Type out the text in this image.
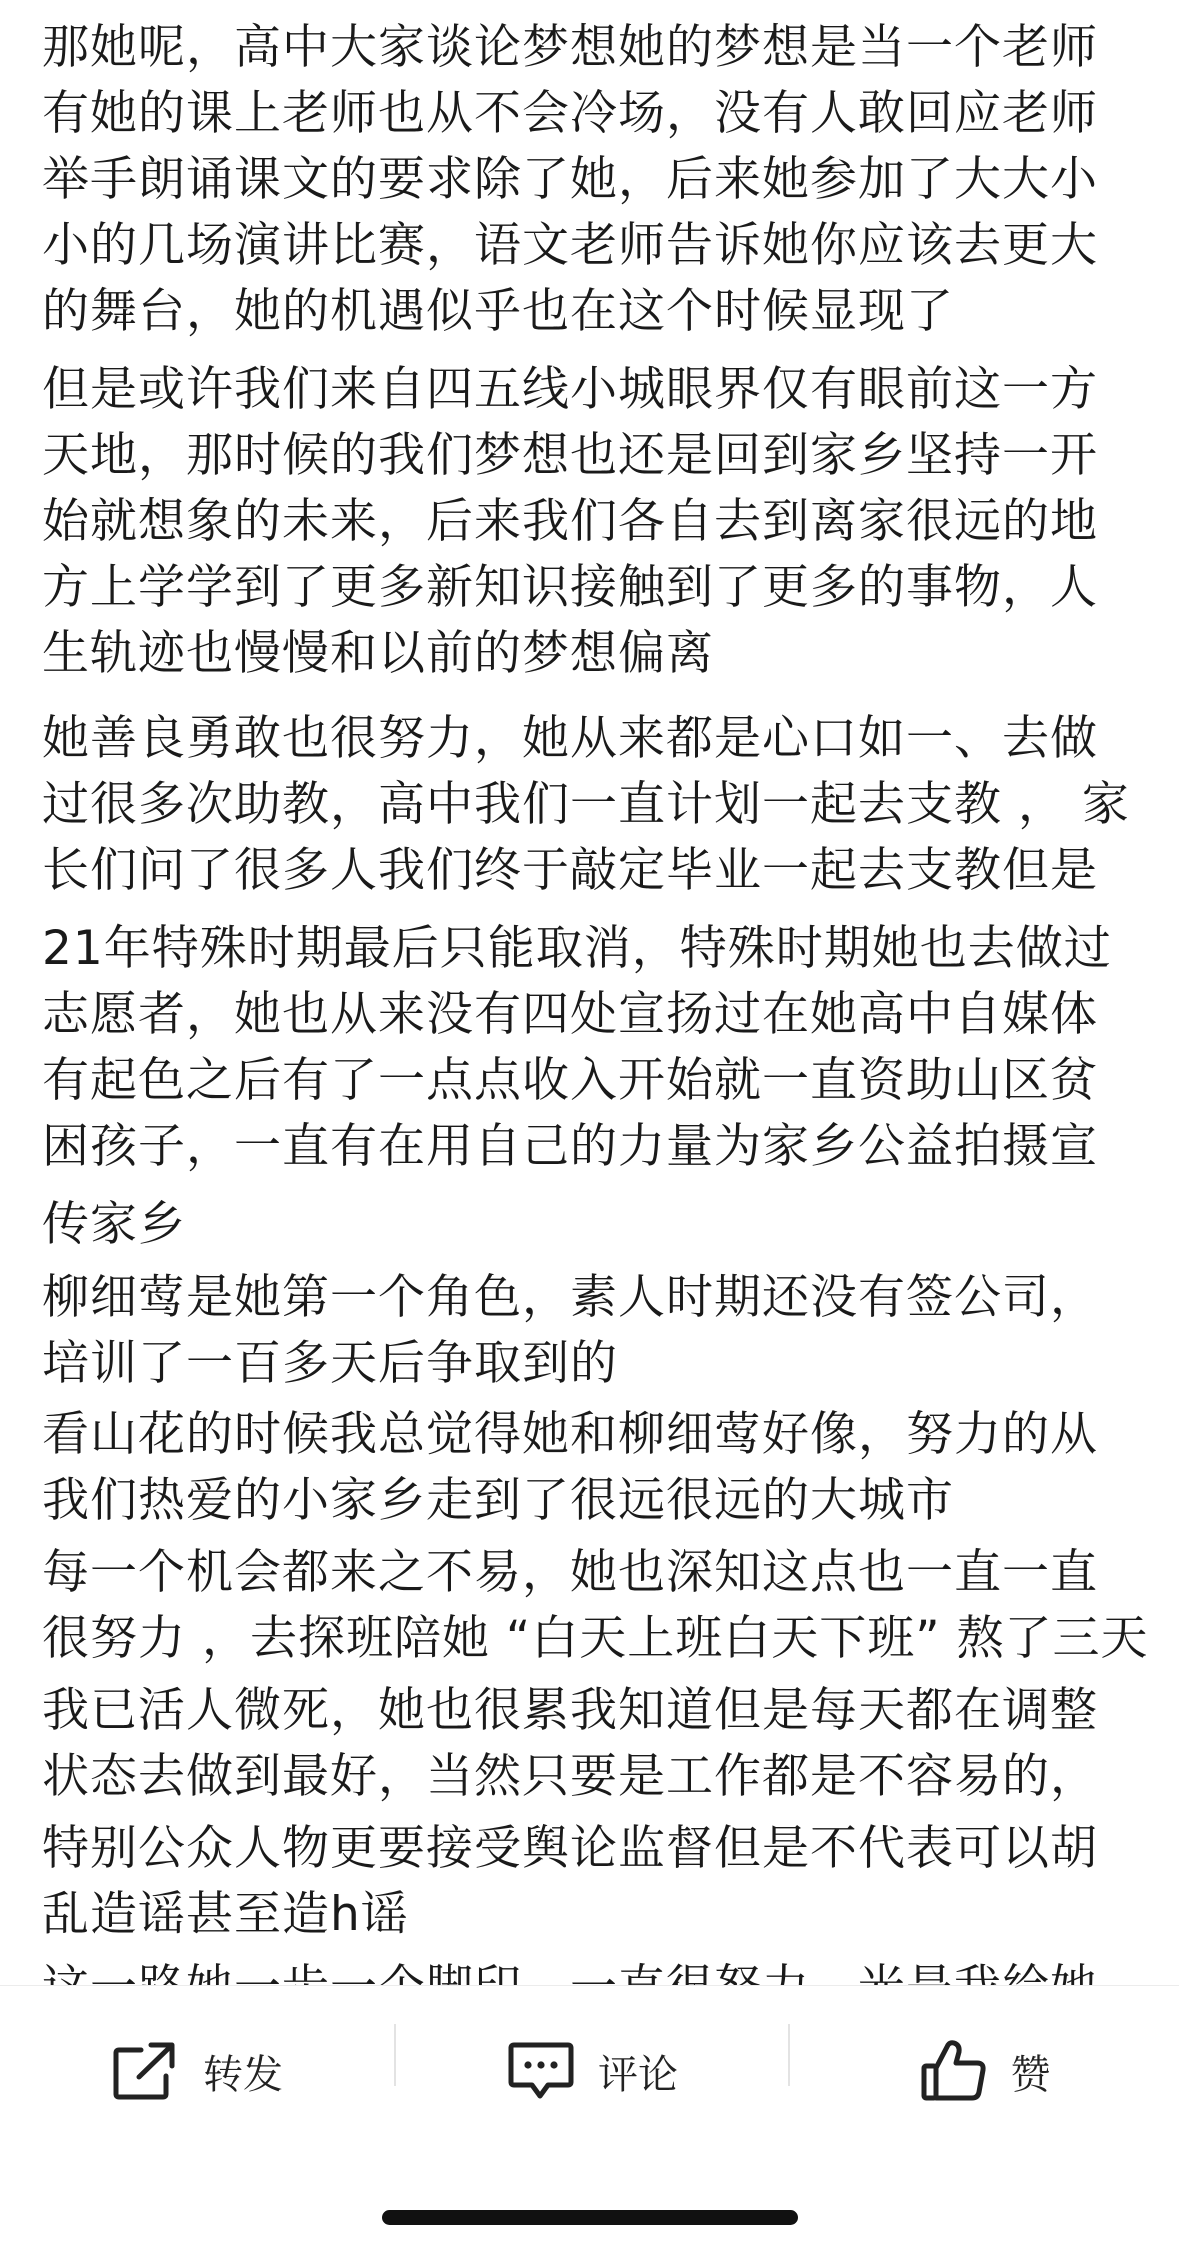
那她呢，高中大家谈论梦想她的梦想是当一个老师
有她的课上老师也从不会冷场，没有人敢回应老师
举手朗诵课文的要求除了她，后来她参加了大大小
小的几场演讲比赛，语文老师告诉她你应该去更大
的舞台，她的机遇似乎也在这个时候显现了
但是或许我们来自四五线小城眼界仅有眼前这一方
天地，那时候的我们梦想也还是回到家乡坚持一开
始就想象的未来，后来我们各自去到离家很远的地
方上学学到了更多新知识接触到了更多的事物，人
生轨迹也慢慢和以前的梦想偏离
她善良勇敢也很努力，她从来都是心口如一、去做
过很多次助教，高中我们一直计划一起去支教 ， 家
长们问了很多人我们终于敲定毕业一起去支教但是
21年特殊时期最后只能取消，特殊时期她也去做过
志愿者，她也从来没有四处宣扬过在她高中自媒体
有起色之后有了一点点收入开始就一直资助山区贫
困孩子，一直有在用自己的力量为家乡公益拍摄宣
传家乡
柳细莺是她第一个角色，素人时期还没有签公司，
培训了一百多天后争取到的
看山花的时候我总觉得她和柳细莺好像，努力的从
我们热爱的小家乡走到了很远很远的大城市
每一个机会都来之不易，她也深知这点也一直一直
很努力 ，去探班陪她 “白天上班白天下班” 熬了三天
我已活人微死，她也很累我知道但是每天都在调整
状态去做到最好，当然只要是工作都是不容易的，
特别公众人物更要接受舆论监督但是不代表可以胡
乱造谣甚至造h谣
转发	评论	赞
